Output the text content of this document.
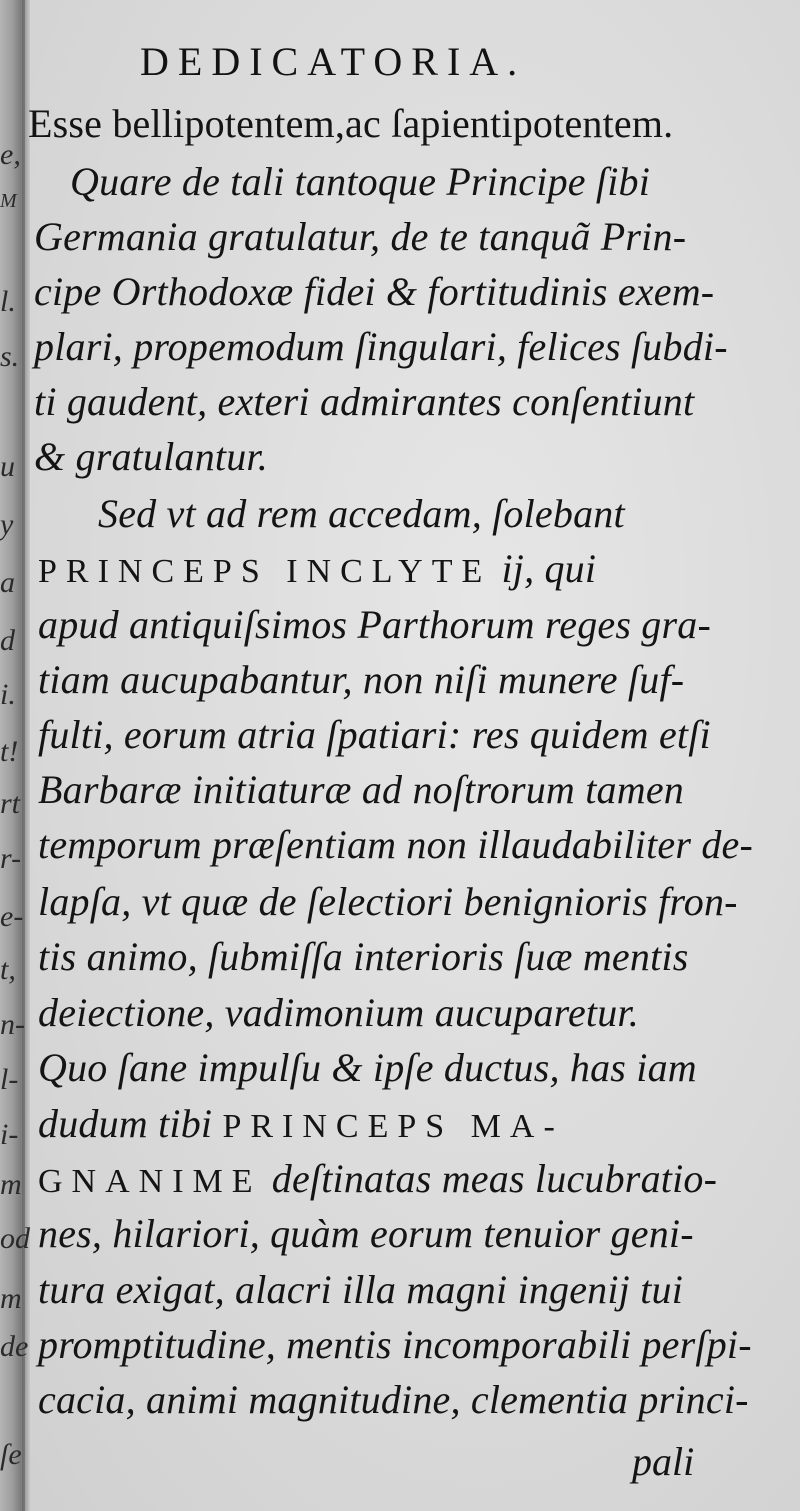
e,
M
l.
s.
u
y
a
d
i.
t!
rt
r-
e-
t,
n-
l-
i-
m
od
m
de
ſe
DEDICATORIA.
Esse bellipotentem,ac ſapientipotentem.
Quare de tali tantoque Principe ſibi
Germania gratulatur, de te tanquã Prin-
cipe Orthodoxæ fidei & fortitudinis exem-
plari, propemodum ſingulari, felices ſubdi-
ti gaudent, exteri admirantes conſentiunt
& gratulantur.
Sed vt ad rem accedam, ſolebant
PRINCEPS INCLYTE ij, qui
apud antiquiſsimos Parthorum reges gra-
tiam aucupabantur, non niſi munere ſuf-
fulti, eorum atria ſpatiari: res quidem etſi
Barbaræ initiaturæ ad noſtrorum tamen
temporum præſentiam non illaudabiliter de-
lapſa, vt quæ de ſelectiori benignioris fron-
tis animo, ſubmiſſa interioris ſuæ mentis
deiectione, vadimonium aucuparetur.
Quo ſane impulſu & ipſe ductus, has iam
dudum tibi PRINCEPS MA-
GNANIME deſtinatas meas lucubratio-
nes, hilariori, quàm eorum tenuior geni-
tura exigat, alacri illa magni ingenij tui
promptitudine, mentis incomporabili perſpi-
cacia, animi magnitudine, clementia princi-
pali
